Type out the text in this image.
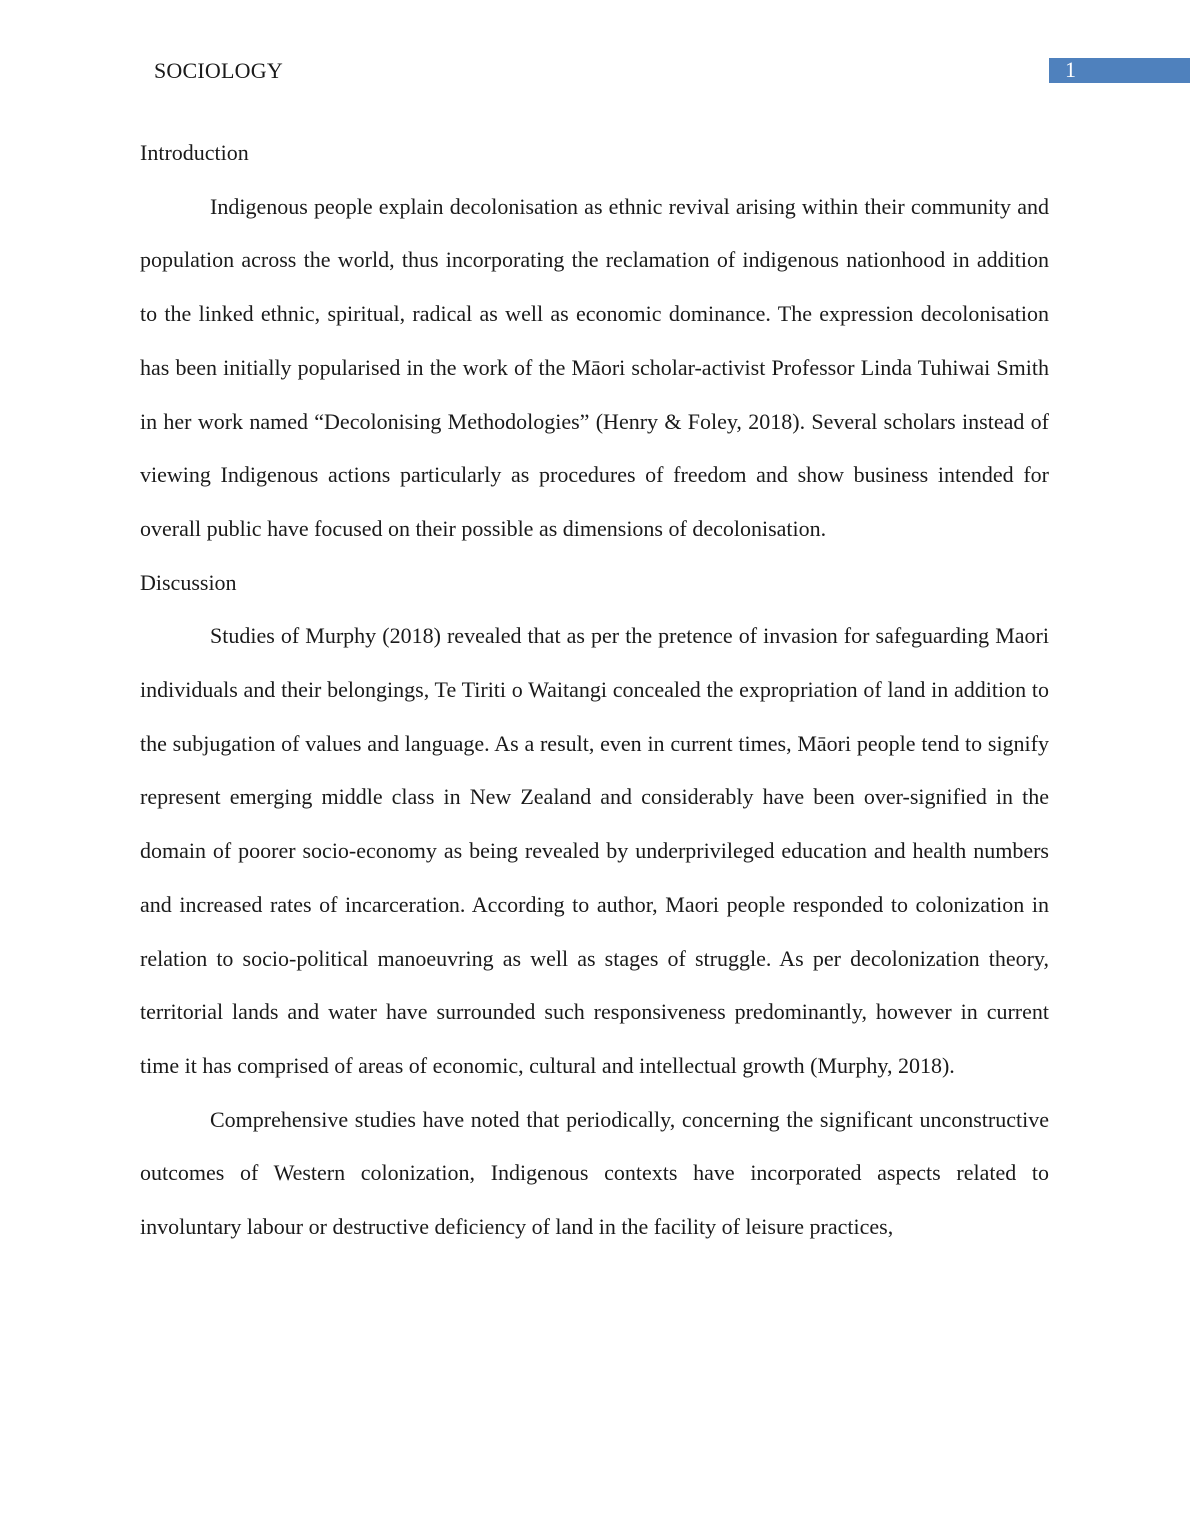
SOCIOLOGY	1
Introduction

Indigenous people explain decolonisation as ethnic revival arising within their community and population across the world, thus incorporating the reclamation of indigenous nationhood in addition to the linked ethnic, spiritual, radical as well as economic dominance. The expression decolonisation has been initially popularised in the work of the Māori scholar-activist Professor Linda Tuhiwai Smith in her work named “Decolonising Methodologies” (Henry & Foley, 2018). Several scholars instead of viewing Indigenous actions particularly as procedures of freedom and show business intended for overall public have focused on their possible as dimensions of decolonisation.

Discussion

Studies of Murphy (2018) revealed that as per the pretence of invasion for safeguarding Maori individuals and their belongings, Te Tiriti o Waitangi concealed the expropriation of land in addition to the subjugation of values and language. As a result, even in current times, Māori people tend to signify represent emerging middle class in New Zealand and considerably have been over-signified in the domain of poorer socio-economy as being revealed by underprivileged education and health numbers and increased rates of incarceration. According to author, Maori people responded to colonization in relation to socio-political manoeuvring as well as stages of struggle. As per decolonization theory, territorial lands and water have surrounded such responsiveness predominantly, however in current time it has comprised of areas of economic, cultural and intellectual growth (Murphy, 2018).

Comprehensive studies have noted that periodically, concerning the significant unconstructive outcomes of Western colonization, Indigenous contexts have incorporated aspects related to involuntary labour or destructive deficiency of land in the facility of leisure practices,
